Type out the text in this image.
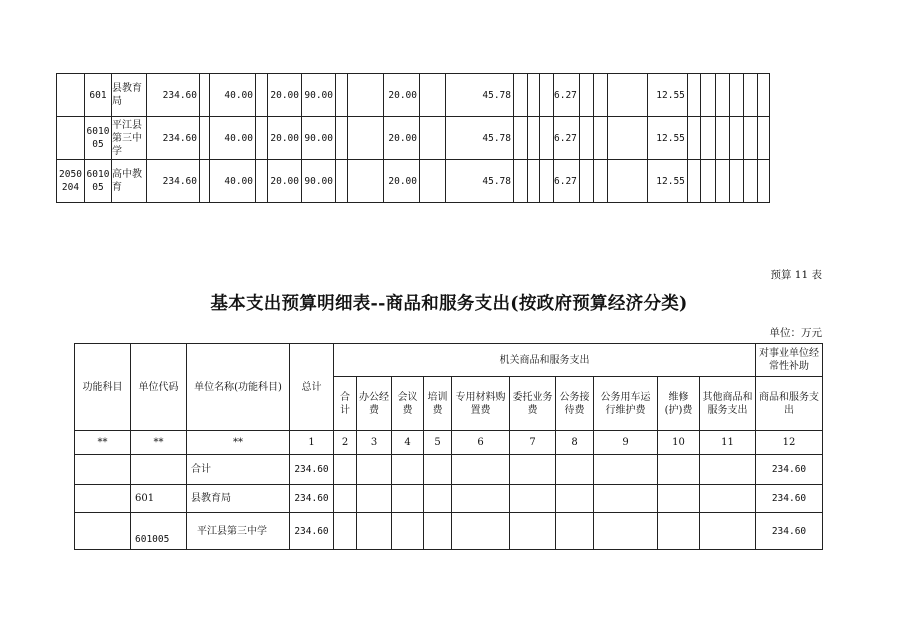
	601	县教育局	234.60		40.00		20.00	90.00			20.00		45.78				6.27				12.55						
	601005	平江县第三中学	234.60		40.00		20.00	90.00			20.00		45.78				6.27				12.55						
2050204	601005	高中教育	234.60		40.00		20.00	90.00			20.00		45.78				6.27				12.55						
预算 11 表
基本支出预算明细表--商品和服务支出(按政府预算经济分类)
单位：万元
功能科目	单位代码	单位名称(功能科目)	总计	机关商品和服务支出										对事业单位经常性补助
				合计	办公经费	会议费	培训费	专用材料购置费	委托业务费	公务接待费	公务用车运行维护费	维修(护)费	其他商品和服务支出	商品和服务支出
**	**	**	1	2	3	4	5	6	7	8	9	10	11	12
		合计	234.60											234.60
	601	县教育局	234.60											234.60
	601005	平江县第三中学	234.60											234.60
